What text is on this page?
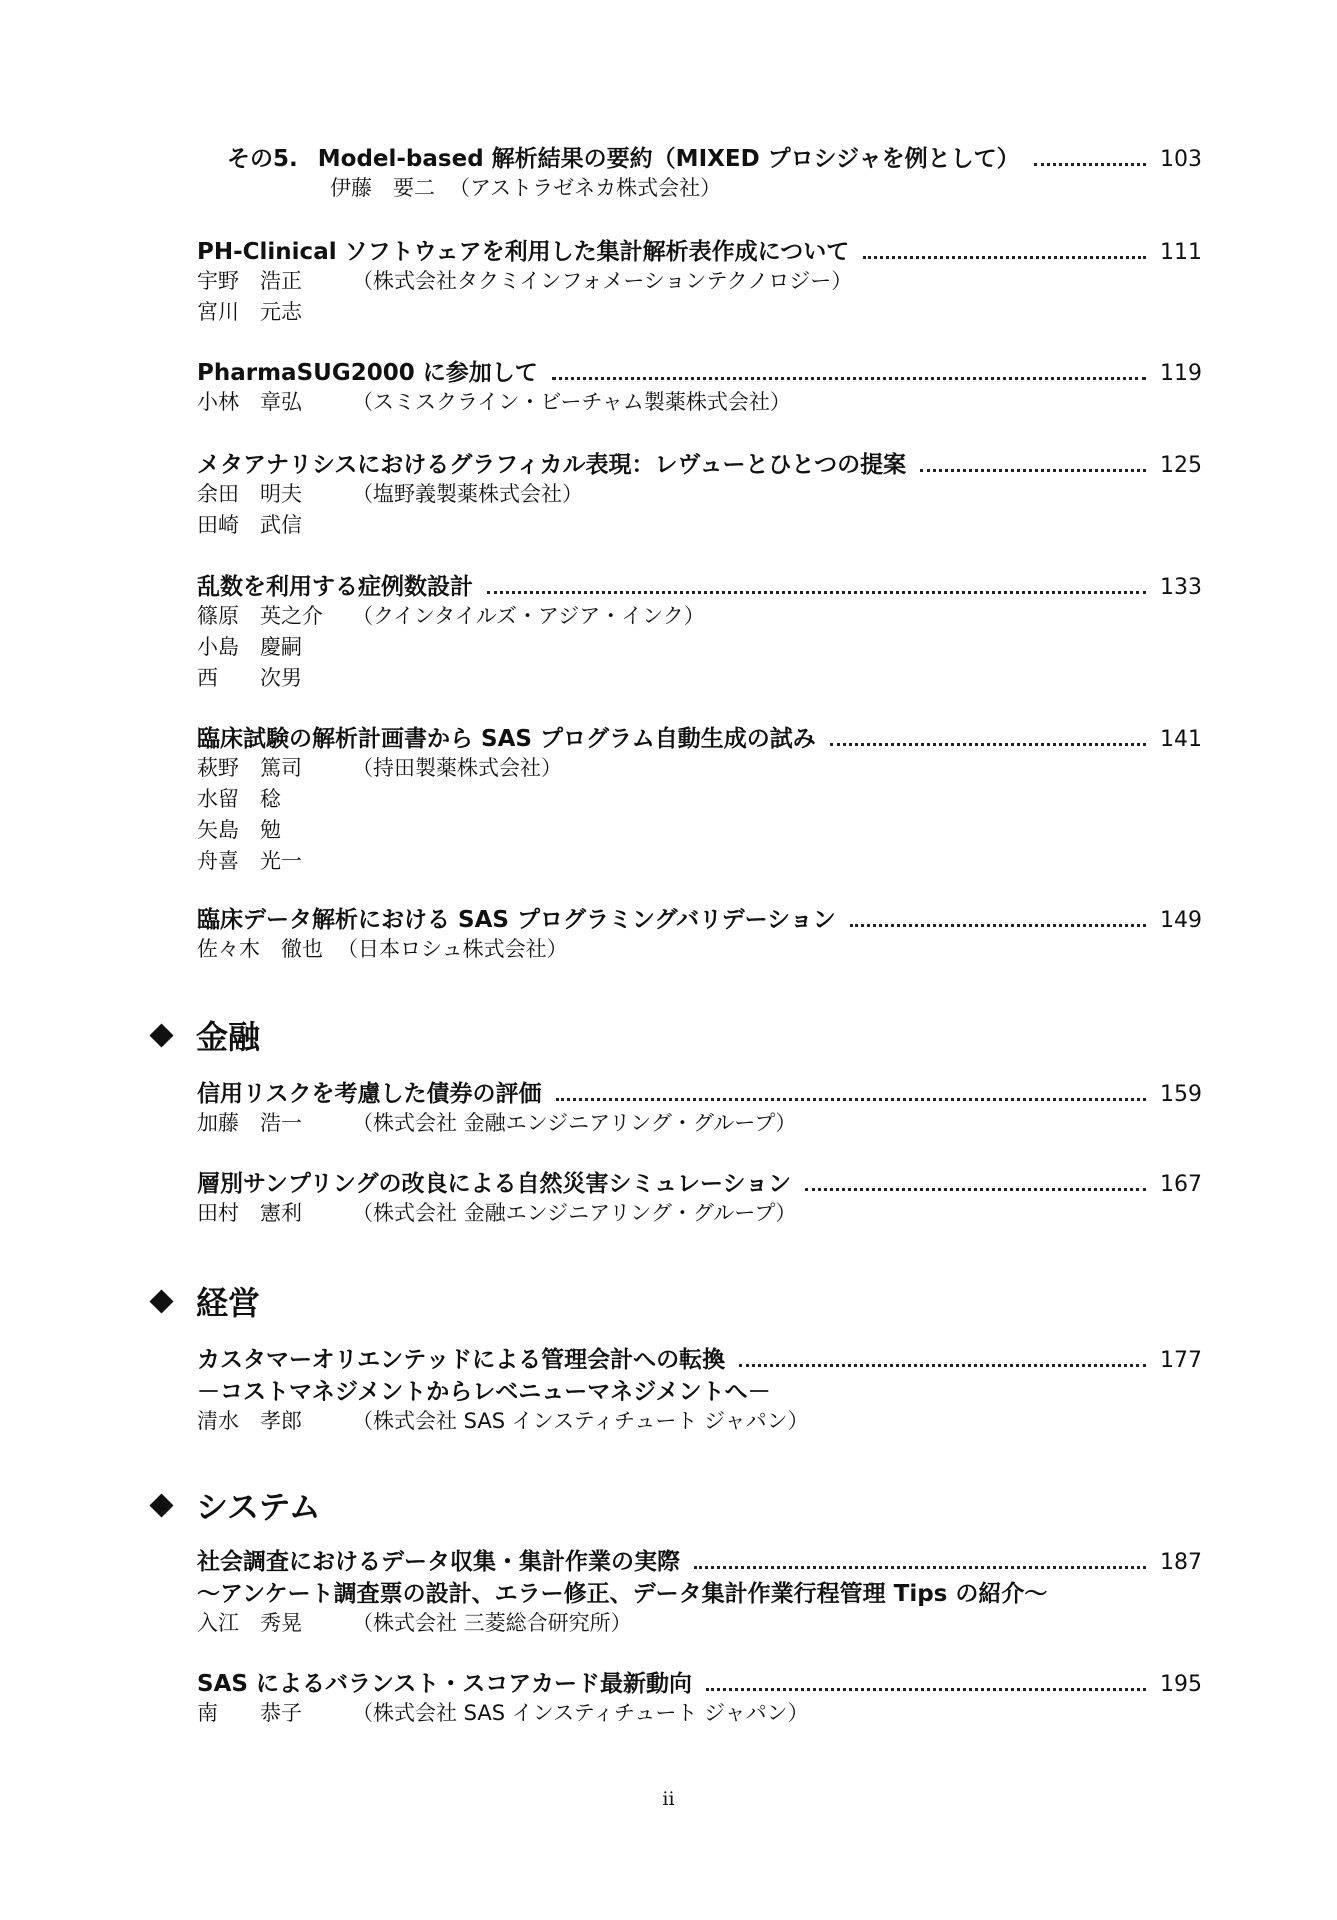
その5. Model-based 解析結果の要約（MIXED プロシジャを例として）	103
伊藤　要二 （アストラゼネカ株式会社）
PH-Clinical ソフトウェアを利用した集計解析表作成について	111
宇野　浩正	（株式会社タクミインフォメーションテクノロジー）
宮川　元志
PharmaSUG2000 に参加して	119
小林　章弘	（スミスクライン・ビーチャム製薬株式会社）
メタアナリシスにおけるグラフィカル表現：レヴューとひとつの提案	125
余田　明夫	（塩野義製薬株式会社）
田崎　武信
乱数を利用する症例数設計	133
篠原　英之介	（クインタイルズ・アジア・インク）
小島　慶嗣
西　　次男
臨床試験の解析計画書から SAS プログラム自動生成の試み	141
萩野　篤司	（持田製薬株式会社）
水留　稔
矢島　勉
舟喜　光一
臨床データ解析における SAS プログラミングバリデーション	149
佐々木　徹也 （日本ロシュ株式会社）
金融
信用リスクを考慮した債券の評価	159
加藤　浩一	（株式会社 金融エンジニアリング・グループ）
層別サンプリングの改良による自然災害シミュレーション	167
田村　憲利	（株式会社 金融エンジニアリング・グループ）
経営
カスタマーオリエンテッドによる管理会計への転換	177
－コストマネジメントからレベニューマネジメントへ－
清水　孝郎	（株式会社 SAS インスティチュート ジャパン）
システム
社会調査におけるデータ収集・集計作業の実際	187
～アンケート調査票の設計、エラー修正、データ集計作業行程管理 Tips の紹介～
入江　秀晃	（株式会社 三菱総合研究所）
SAS によるバランスト・スコアカード最新動向	195
南　　恭子	（株式会社 SAS インスティチュート ジャパン）
ii
